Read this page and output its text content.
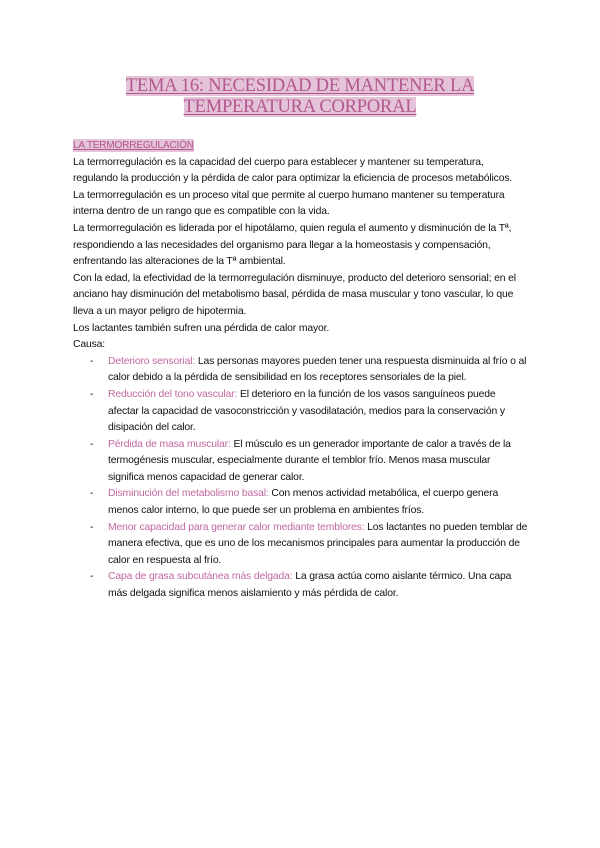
TEMA 16: NECESIDAD DE MANTENER LA
TEMPERATURA CORPORAL
LA TERMORREGULACIÓN

La termorregulación es la capacidad del cuerpo para establecer y mantener su temperatura, regulando la producción y la pérdida de calor para optimizar la eficiencia de procesos metabólicos.

La termorregulación es un proceso vital que permite al cuerpo humano mantener su temperatura interna dentro de un rango que es compatible con la vida.

La termorregulación es liderada por el hipotálamo, quien regula el aumento y disminución de la Tª, respondiendo a las necesidades del organismo para llegar a la homeostasis y compensación, enfrentando las alteraciones de la Tª ambiental.

Con la edad, la efectividad de la termorregulación disminuye, producto del deterioro sensorial; en el anciano hay disminución del metabolismo basal, pérdida de masa muscular y tono vascular, lo que lleva a un mayor peligro de hipotermia.

Los lactantes también sufren una pérdida de calor mayor.

Causa:

- Deterioro sensorial: Las personas mayores pueden tener una respuesta disminuida al frío o al calor debido a la pérdida de sensibilidad en los receptores sensoriales de la piel.
- Reducción del tono vascular: El deterioro en la función de los vasos sanguíneos puede afectar la capacidad de vasoconstricción y vasodilatación, medios para la conservación y disipación del calor.
- Pérdida de masa muscular: El músculo es un generador importante de calor a través de la termogénesis muscular, especialmente durante el temblor frío. Menos masa muscular significa menos capacidad de generar calor.
- Disminución del metabolismo basal: Con menos actividad metabólica, el cuerpo genera menos calor interno, lo que puede ser un problema en ambientes fríos.
- Menor capacidad para generar calor mediante temblores: Los lactantes no pueden temblar de manera efectiva, que es uno de los mecanismos principales para aumentar la producción de calor en respuesta al frío.
- Capa de grasa subcutánea más delgada: La grasa actúa como aislante térmico. Una capa más delgada significa menos aislamiento y más pérdida de calor.
